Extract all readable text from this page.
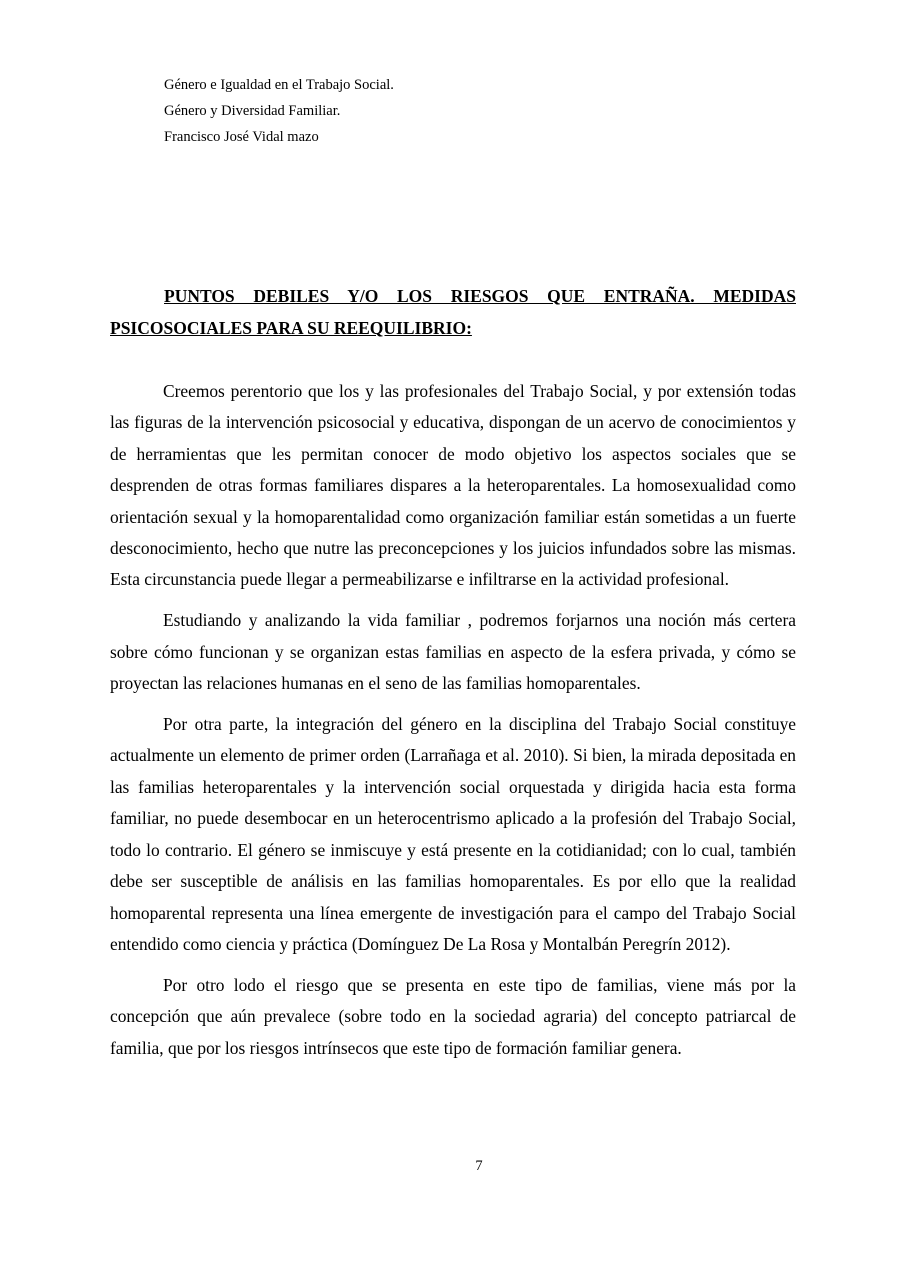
Género e Igualdad en el Trabajo Social.
Género y Diversidad Familiar.
Francisco José Vidal mazo
PUNTOS DEBILES Y/O LOS RIESGOS QUE ENTRAÑA. MEDIDAS PSICOSOCIALES PARA SU REEQUILIBRIO:

Creemos perentorio que los y las profesionales del Trabajo Social, y por extensión todas las figuras de la intervención psicosocial y educativa, dispongan de un acervo de conocimientos y de herramientas que les permitan conocer de modo objetivo los aspectos sociales que se desprenden de otras formas familiares dispares a la heteroparentales. La homosexualidad como orientación sexual y la homoparentalidad como organización familiar están sometidas a un fuerte desconocimiento, hecho que nutre las preconcepciones y los juicios infundados sobre las mismas. Esta circunstancia puede llegar a permeabilizarse e infiltrarse en la actividad profesional.

Estudiando y analizando la vida familiar , podremos forjarnos una noción más certera sobre cómo funcionan y se organizan estas familias en aspecto de la esfera privada, y cómo se proyectan las relaciones humanas en el seno de las familias homoparentales.

Por otra parte, la integración del género en la disciplina del Trabajo Social constituye actualmente un elemento de primer orden (Larrañaga et al. 2010). Si bien, la mirada depositada en las familias heteroparentales y la intervención social orquestada y dirigida hacia esta forma familiar, no puede desembocar en un heterocentrismo aplicado a la profesión del Trabajo Social, todo lo contrario. El género se inmiscuye y está presente en la cotidianidad; con lo cual, también debe ser susceptible de análisis en las familias homoparentales. Es por ello que la realidad homoparental representa una línea emergente de investigación para el campo del Trabajo Social entendido como ciencia y práctica (Domínguez De La Rosa y Montalbán Peregrín 2012).

Por otro lodo el riesgo que se presenta en este tipo de familias, viene más por la concepción que aún prevalece (sobre todo en la sociedad agraria) del concepto patriarcal de familia, que por los riesgos intrínsecos que este tipo de formación familiar genera.

7
